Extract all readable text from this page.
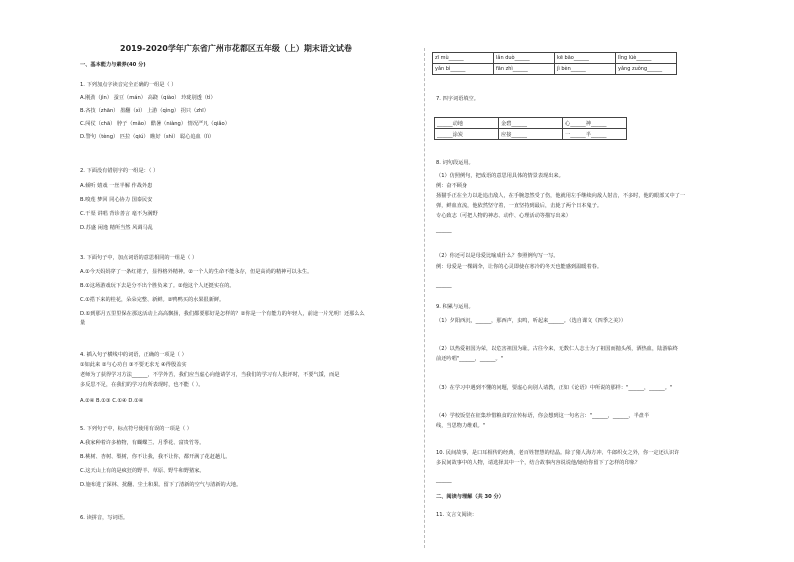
2019-2020学年广东省广州市花都区五年级（上）期末语文试卷
一、基本能力与素养(40 分)
1. 下列加点字读音完全正确的一组是（ ）
A.刚劲（jìn） 蚕豆（mán） 高跷（qiào） 玲珑别透（tì）
B.吝技（zhān） 墨翻（xì） 上游（qìng） 拐只（zhī）
C.闯仗（chā） 脖子（mǎo） 酷暑（niàng） 情况严凡（qiǎo）
D.警句（tèng） 匹拉（qiú） 瞧好（shì） 聪心追血（lì）
2. 下面没有错别字的一组是：（ ）
A.倾听 嬉戏 一丝半解 作战外患
B.嗅莲 梦回 同心协力 国泰民安
C.干渠 讲唱 背诊善言 毫不为满野
D.苏盛 闲逸 精所当然 风调马乱
3. 下面句子中，加点词语的意思相同的一组是（ ）
A.①今天妈妈穿了一条红裙子，显得格外精神。②一个人的生命不能永存，但是高尚的精神可以永生。
B.①这场游戏玩下去是分不出个胜负来了。②他这个人还挺实在的。
C.①搭下来的桂花，朵朵完整、新鲜。②鸭鸭买的水果很新鲜。
D.①到那月五里里保在那这活动上高高飘扬，我们都要那好是怎样的？②你是一个有能力的年轻人，前途一片光明！还那么么
量
4. 插入句子横线中的词语，正确的一项是（ ）
①如此来 ②与心功自 ③不要无求无 ④得殷盖实
老师为了获得学习方法______，不学外苦，我们应当虚心向他请学习，当我们的学习有人批评时，不要气馁，而是
多反思不足，在我们的学习有所表现时，也不能（ ）。
A.②④ B.①③ C.①④ D.①④
5. 下列句子中，标点符号使用有误的一项是（ ）
A.我家种着许多植物，有蝴蝶兰、月季花、富贵竹等。
B.桃树、杏树、梨树，你不让我，我不让你，都开满了花赶趟儿。
C.这天山上有的是疯狂的野羊、草原、野牛和野猪家。
D.施布进了深林、扰翻、尘土和果。留下了清新的空气与清新的大地。
6. 读拼音，写词语。
zī mù______	lǎn duò______	kē bāo______	lǐng lüè______
yǎn bì______	fān zhì______	jì bèn______	yǎng zuǒng______
7. 四字词语填空。
______动地	金碧______	心______神______
______涂炭	应接______	一______半______
8. 词句段运用。
（1）仿照例句，把成语的意思用具体的情景表现出来。
例：奋不顾身
扬猫手正在全力以赴追击敌人，在手腕忽然受了伤，他就用左手继续向敌人射击，不多时，他的眼部又中了一
弹，鲜血直流，他依然坚守着，一直坚持到最后，击毙了两个日本鬼子。
专心致志（可把人物的神态、动作、心理活动等描写出来）
______
（2）你还可以是母爱比喻成什么？参照例句写一写。
例：母爱是一棵阔伞，让你的心灵即使在寒冷的冬天也能感到温暖着春。
______
9. 积累与运用。
（1）夕阳西沉，______，那西声，虫鸣，听起来______。（选自课文《四季之美》）
（2）以热爱祖国为荣，以危害祖国为耻。古往今来，无数仁人志士为了祖国而抛头颅，洒热血，陆游临终
前还吟唱"______，______。"
（3）在学习中遇到不懂的问题，要虚心向别人请教，正如《论语》中所说的那样："______，______。"
（4）学校饭堂在征集珍惜粮食的宣传标语，你会想到这一句名言："______，______，半盘半
线，当思物力维艰。"
10. 民间故事，是口耳相传的经典，老百姓智慧的结晶。除了猪人海方冲、牛郎织女之外，你一定还认识许
多民间故事中的人物，请选择其中一个，结合故事内容说说他/她给你留下了怎样的印象？
______
二、阅读与理解（共 30 分）
11. 文言文阅读：
